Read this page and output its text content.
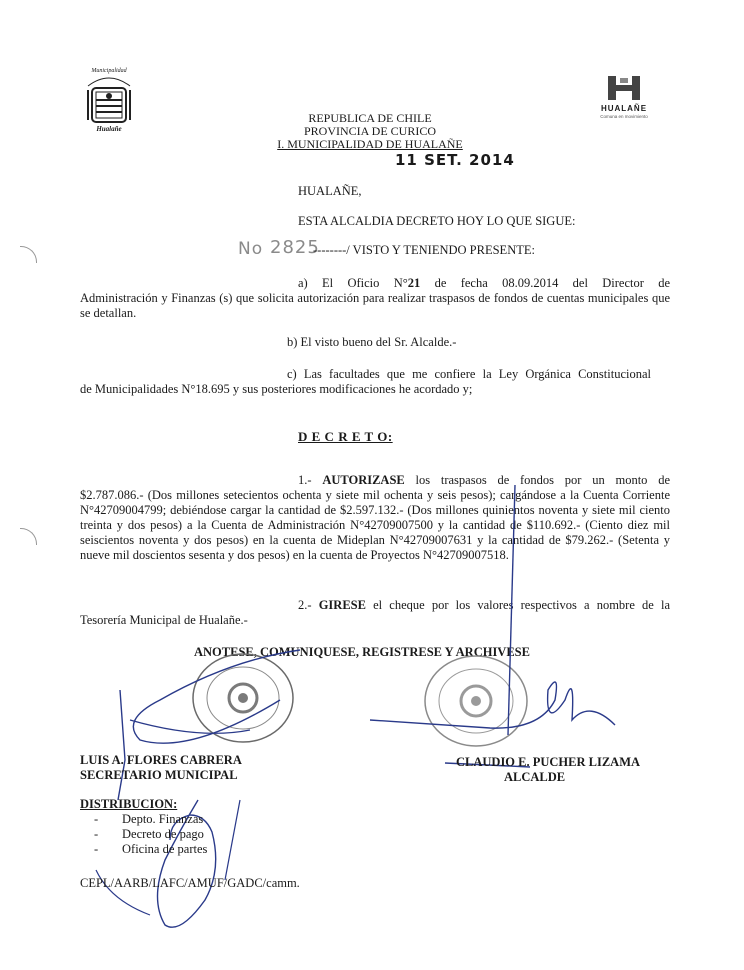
Municipalidad
Hualañe
HUALAÑE
Comuna en movimiento
REPUBLICA DE CHILE
PROVINCIA DE CURICO
I. MUNICIPALIDAD DE HUALAÑE
11 SET. 2014
HUALAÑE,
ESTA ALCALDIA DECRETO HOY LO QUE SIGUE:
No 2825
--------/ VISTO Y TENIENDO PRESENTE:
a) El Oficio N°21 de fecha 08.09.2014 del Director de
Administración y Finanzas (s) que solicita autorización para realizar traspasos de fondos de cuentas municipales que se detallan.
b) El visto bueno del Sr. Alcalde.-
c) Las facultades que me confiere la Ley Orgánica Constitucional
de Municipalidades N°18.695 y sus posteriores modificaciones he acordado y;
D E C R E T O:
1.- AUTORIZASE los traspasos de fondos por un monto de
$2.787.086.- (Dos millones setecientos ochenta y siete mil ochenta y seis pesos); cargándose a la Cuenta Corriente N°42709004799; debiéndose cargar la cantidad de $2.597.132.- (Dos millones quinientos noventa y siete mil ciento treinta y dos pesos) a la Cuenta de Administración N°42709007500 y la cantidad de $110.692.- (Ciento diez mil seiscientos noventa y dos pesos) en la cuenta de Mideplan N°42709007631 y la cantidad de $79.262.- (Setenta y nueve mil doscientos sesenta y dos pesos) en la cuenta de Proyectos N°42709007518.
2.- GIRESE el cheque por los valores respectivos a nombre de la
Tesorería Municipal de Hualañe.-
ANOTESE, COMUNIQUESE, REGISTRESE Y ARCHIVESE
LUIS A. FLORES CABRERA
SECRETARIO MUNICIPAL
CLAUDIO E. PUCHER LIZAMA
ALCALDE
DISTRIBUCION:
- Depto. Finanzas
- Decreto de pago
- Oficina de partes
CEPL/AARB/LAFC/AMUF/GADC/camm.
